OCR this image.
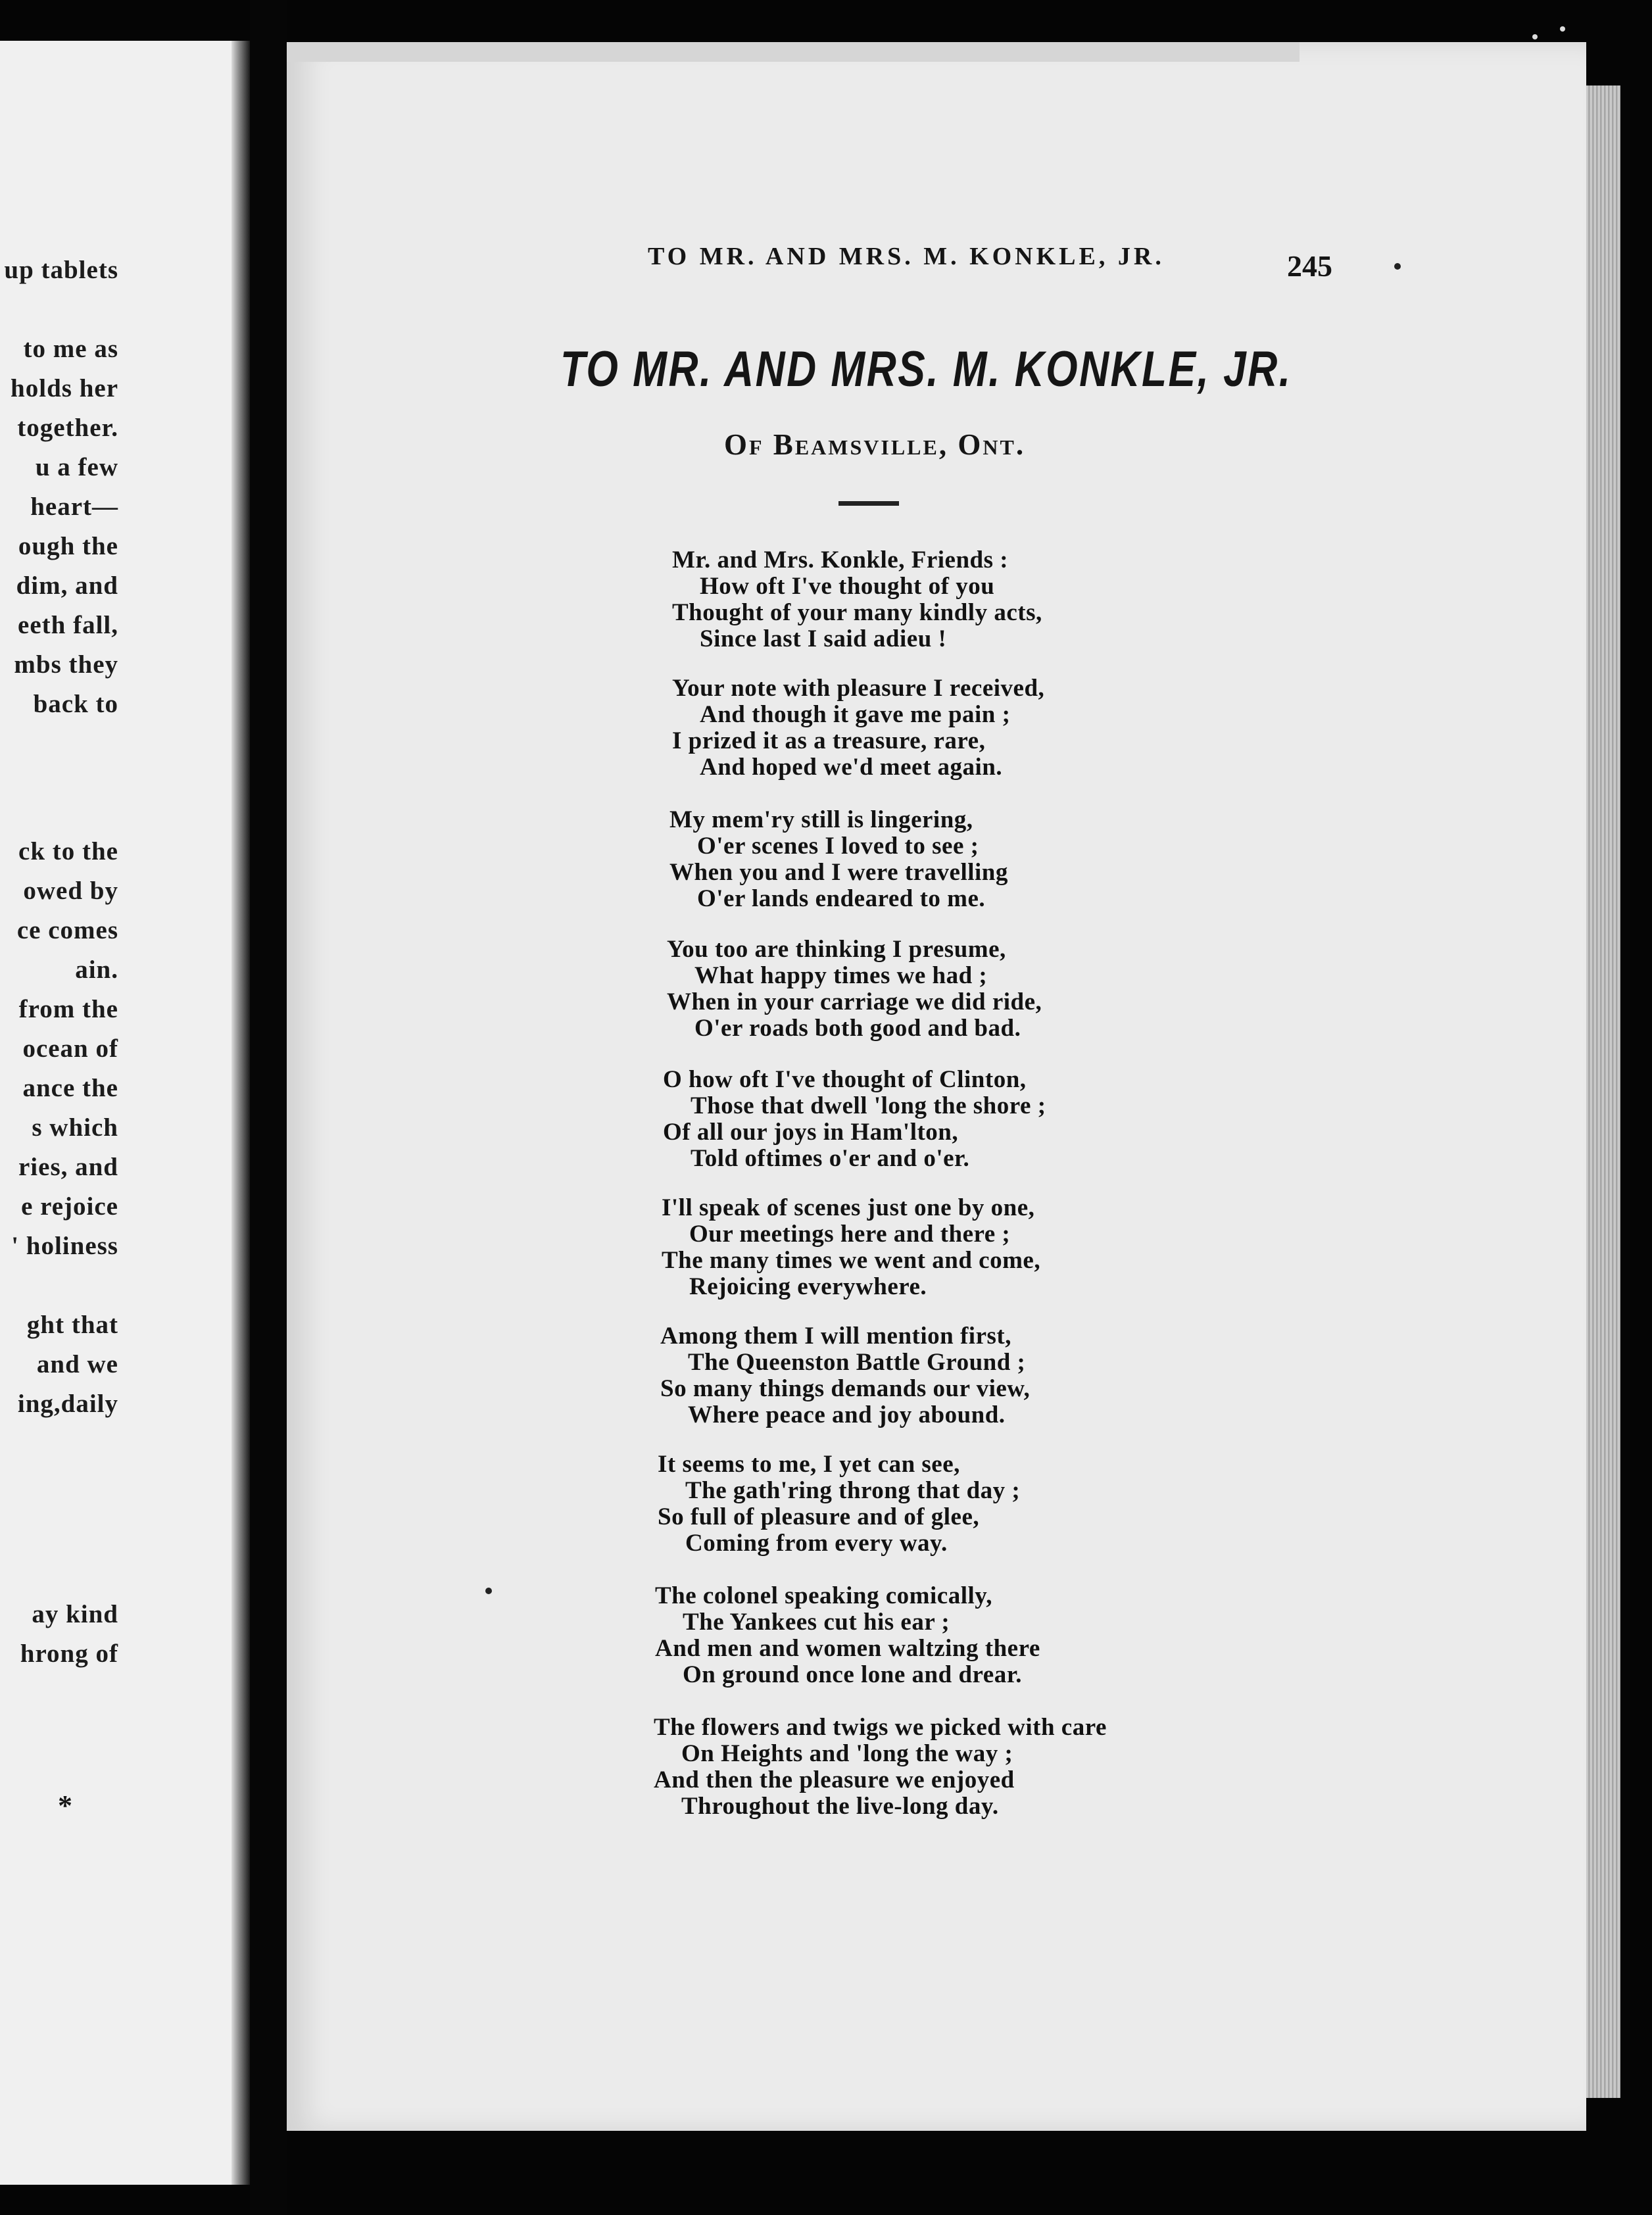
up tablets
to me as
holds her
together.
u a few
heart—
ough the
dim, and
eeth fall,
mbs they
back to
ck to the
owed by
ce comes
ain.
from the
ocean of
ance the
s which
ries, and
e rejoice
' holiness
ght that
and we
ing,daily
ay kind
hrong of
*
TO MR. AND MRS. M. KONKLE, JR.	245
TO MR. AND MRS. M. KONKLE, JR.
Of Beamsville, Ont.
Mr. and Mrs. Konkle, Friends :
How oft I've thought of you
Thought of your many kindly acts,
Since last I said adieu !
Your note with pleasure I received,
And though it gave me pain ;
I prized it as a treasure, rare,
And hoped we'd meet again.
My mem'ry still is lingering,
O'er scenes I loved to see ;
When you and I were travelling
O'er lands endeared to me.
You too are thinking I presume,
What happy times we had ;
When in your carriage we did ride,
O'er roads both good and bad.
O how oft I've thought of Clinton,
Those that dwell 'long the shore ;
Of all our joys in Ham'lton,
Told oftimes o'er and o'er.
I'll speak of scenes just one by one,
Our meetings here and there ;
The many times we went and come,
Rejoicing everywhere.
Among them I will mention first,
The Queenston Battle Ground ;
So many things demands our view,
Where peace and joy abound.
It seems to me, I yet can see,
The gath'ring throng that day ;
So full of pleasure and of glee,
Coming from every way.
The colonel speaking comically,
The Yankees cut his ear ;
And men and women waltzing there
On ground once lone and drear.
The flowers and twigs we picked with care
On Heights and 'long the way ;
And then the pleasure we enjoyed
Throughout the live-long day.
